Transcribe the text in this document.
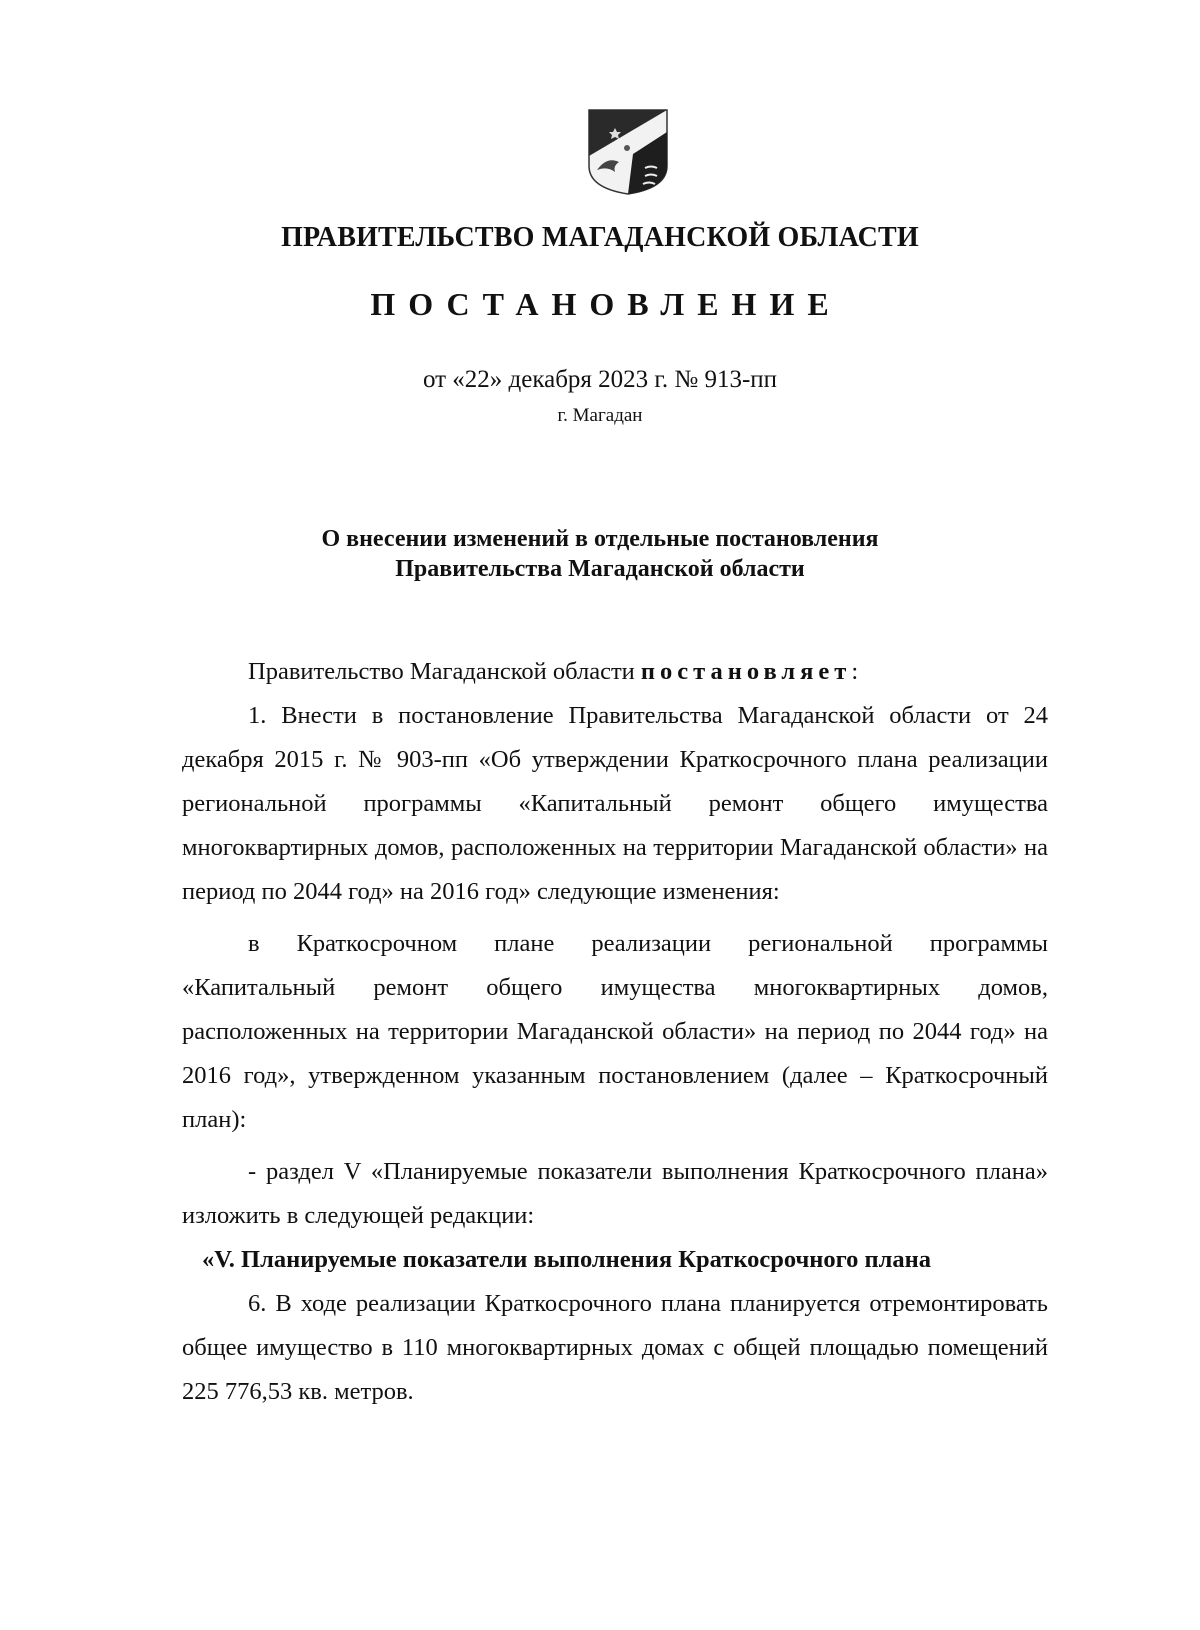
ПРАВИТЕЛЬСТВО МАГАДАНСКОЙ ОБЛАСТИ
ПОСТАНОВЛЕНИЕ
от «22» декабря 2023 г. № 913-пп
г. Магадан
О внесении изменений в отдельные постановления
Правительства Магаданской области

Правительство Магаданской области постановляет:

1. Внести в постановление Правительства Магаданской области от 24 декабря 2015 г. № 903-пп «Об утверждении Краткосрочного плана реализации региональной программы «Капитальный ремонт общего имущества многоквартирных домов, расположенных на территории Магаданской области» на период по 2044 год» на 2016 год» следующие изменения:

в Краткосрочном плане реализации региональной программы «Капитальный ремонт общего имущества многоквартирных домов, расположенных на территории Магаданской области» на период по 2044 год» на 2016 год», утвержденном указанным постановлением (далее – Краткосрочный план):

- раздел V «Планируемые показатели выполнения Краткосрочного плана» изложить в следующей редакции:

«V. Планируемые показатели выполнения Краткосрочного плана

6. В ходе реализации Краткосрочного плана планируется отремонтировать общее имущество в 110 многоквартирных домах с общей площадью помещений 225 776,53 кв. метров.
